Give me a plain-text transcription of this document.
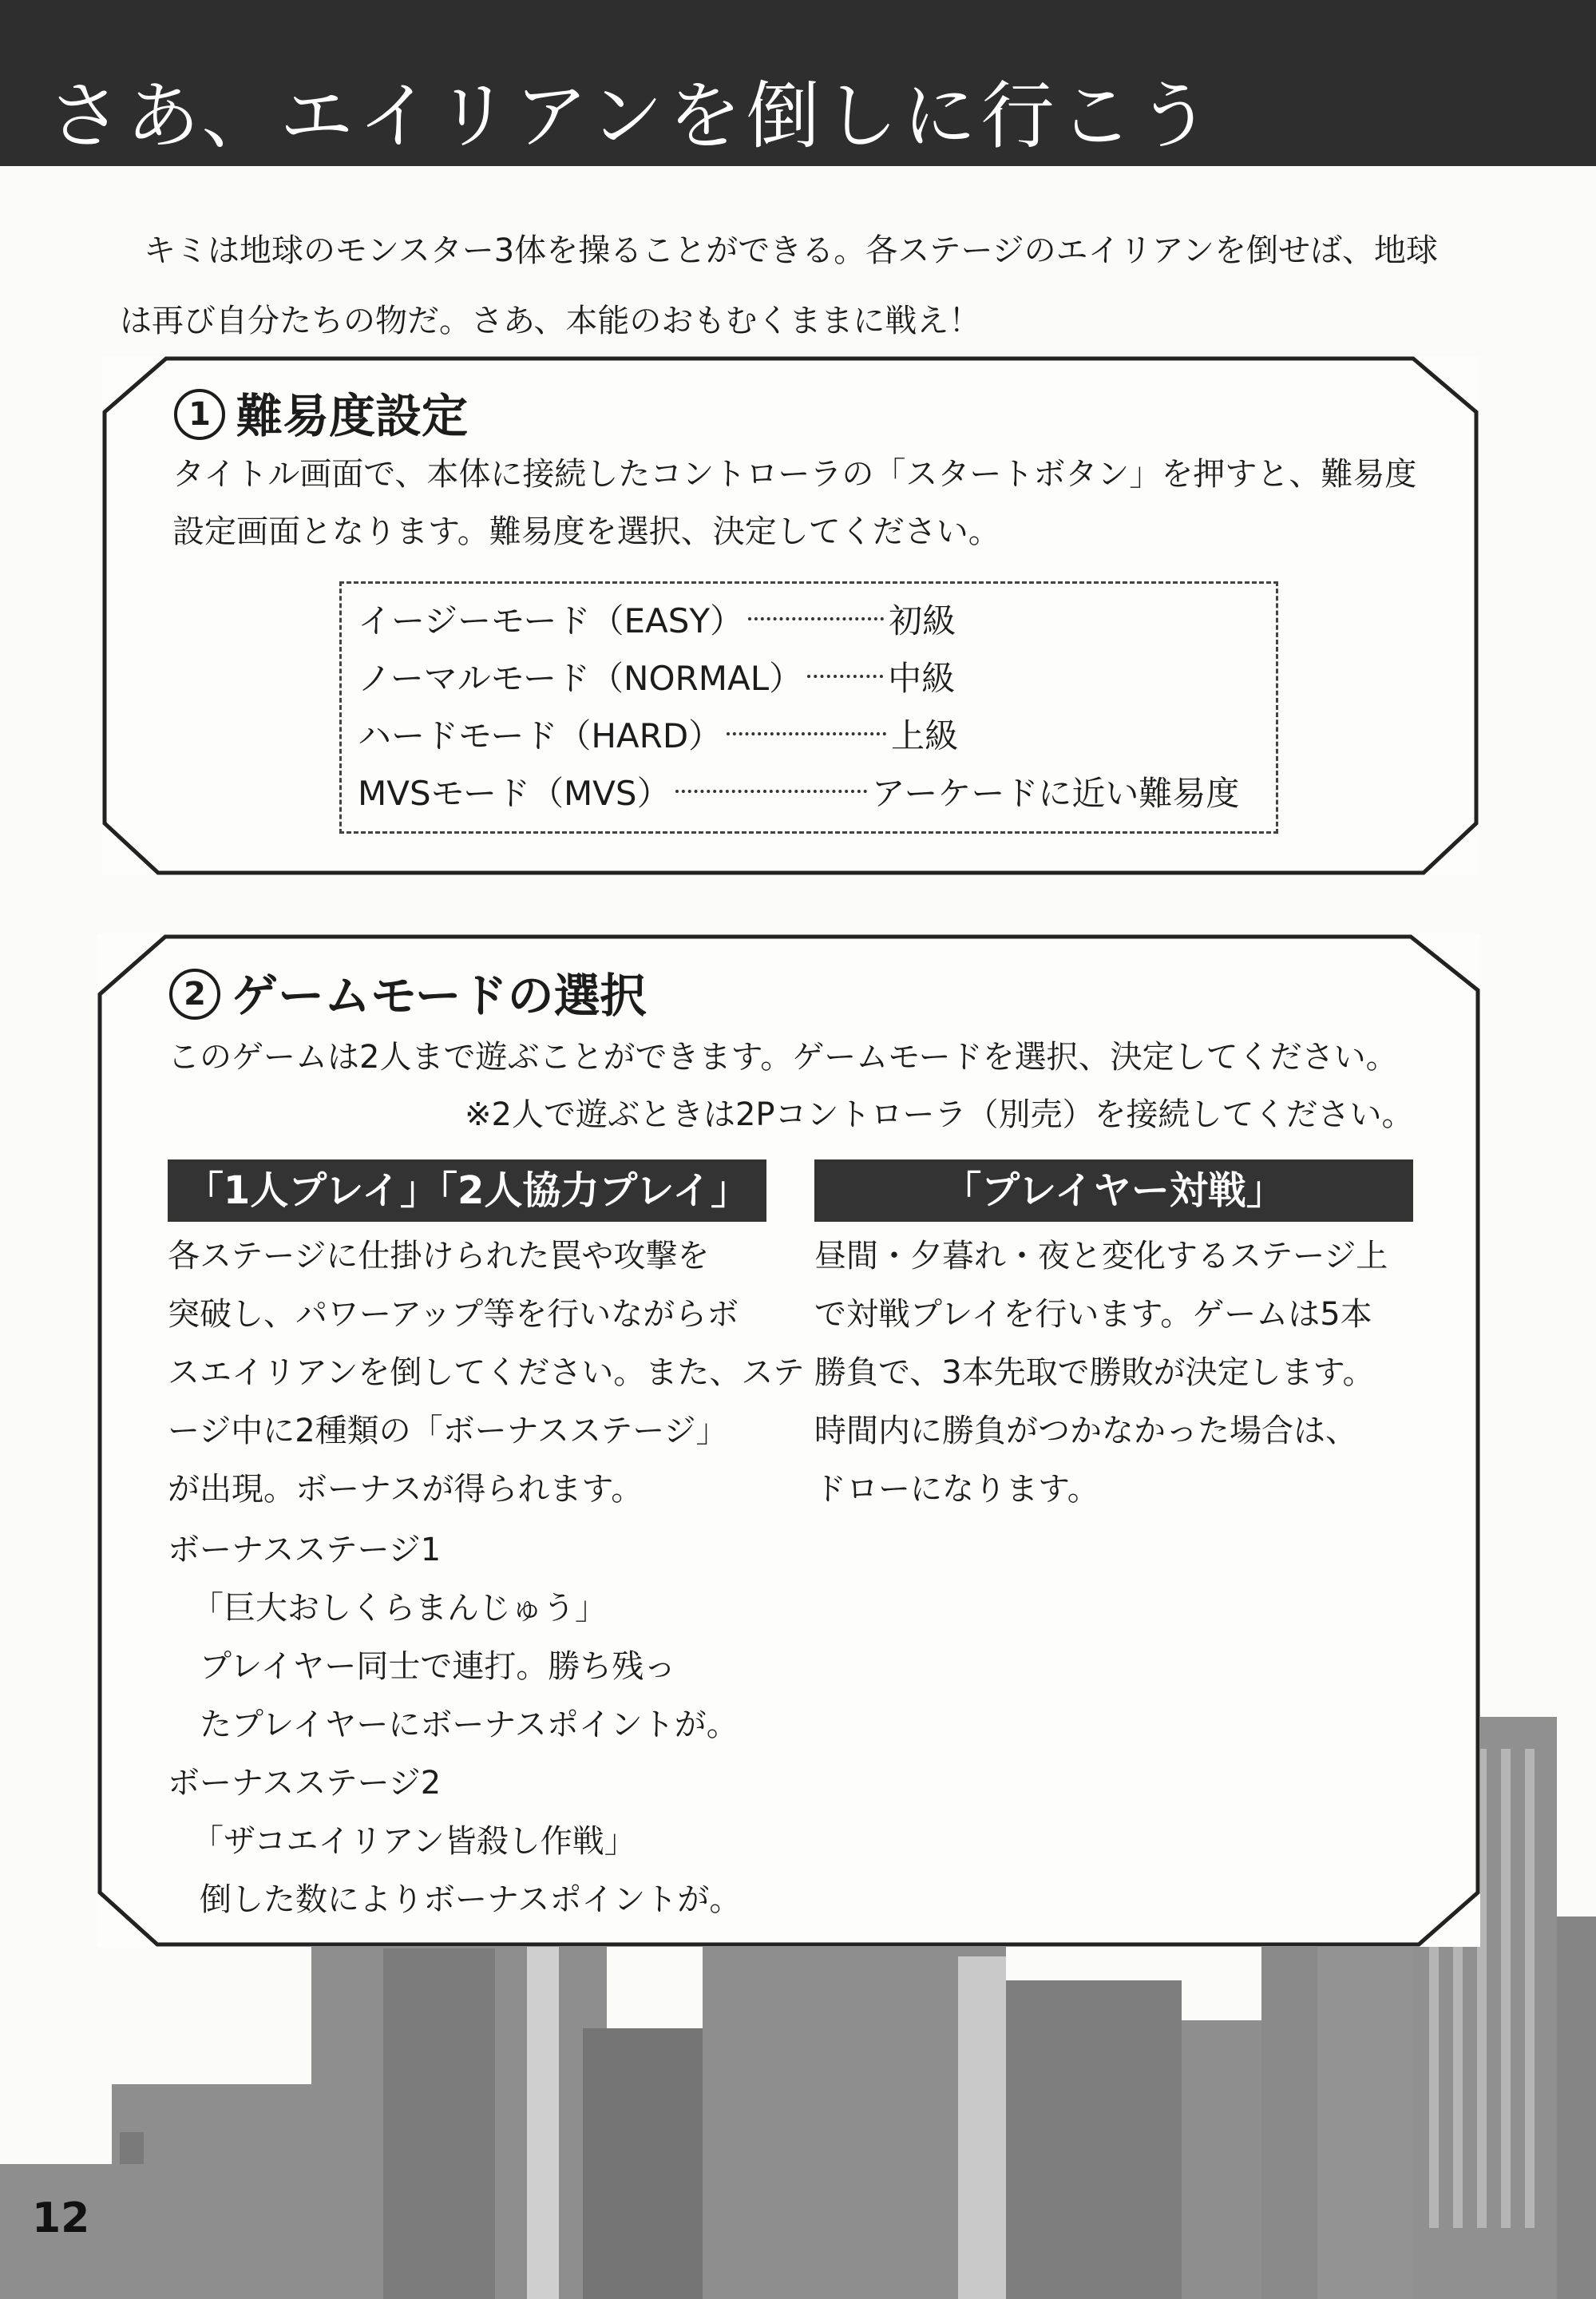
さあ、エイリアンを倒しに行こう

キミは地球のモンスター3体を操ることができる。各ステージのエイリアンを倒せば、地球

は再び自分たちの物だ。さあ、本能のおもむくままに戦え！

1 難易度設定
タイトル画面で、本体に接続したコントローラの「スタートボタン」を押すと、難易度
設定画面となります。難易度を選択、決定してください。
イージーモード（EASY）	初級
ノーマルモード（NORMAL）	中級
ハードモード（HARD）	上級
MVSモード（MVS）	アーケードに近い難易度
2 ゲームモードの選択
このゲームは2人まで遊ぶことができます。ゲームモードを選択、決定してください。
※2人で遊ぶときは2Pコントローラ（別売）を接続してください。
「1人プレイ」「2人協力プレイ」
各ステージに仕掛けられた罠や攻撃を
突破し、パワーアップ等を行いながらボ
スエイリアンを倒してください。また、ステ
ージ中に2種類の「ボーナスステージ」
が出現。ボーナスが得られます。
ボーナスステージ1
「巨大おしくらまんじゅう」
プレイヤー同士で連打。勝ち残っ
たプレイヤーにボーナスポイントが。
ボーナスステージ2
「ザコエイリアン皆殺し作戦」
倒した数によりボーナスポイントが。
「プレイヤー対戦」
昼間・夕暮れ・夜と変化するステージ上
で対戦プレイを行います。ゲームは5本
勝負で、3本先取で勝敗が決定します。
時間内に勝負がつかなかった場合は、
ドローになります。
12
